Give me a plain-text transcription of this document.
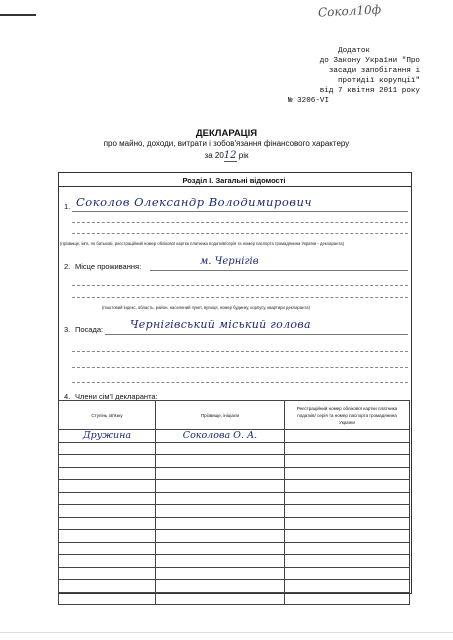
Сокол10ф
Додаток
до Закону України "Про
засади запобігання і
протидії корупції"
від 7 квітня 2011 року
№ 3206-VI
ДЕКЛАРАЦІЯ
про майно, доходи, витрати і зобов'язання фінансового характеру
за 2012 рік
Розділ І. Загальні відомості
1. Соколов Олександр Володимирович
(прізвище, ім'я, по батькові, реєстраційний номер облікової картки платника податків/серія та номер паспорта громадянина України - декларанта)
2. Місце проживання:	м. Чернігів
(поштовий індекс, область, район, населений пункт, вулиця, номер будинку, корпусу, квартири декларанта)
3. Посада: Чернігівський міський голова
4. Члени сім'ї декларанта:
Ступінь зв'язку	Прізвище, ініціали	Реєстраційний номер облікової картки платника податків/ серія та номер паспорта громадянина України
Дружина	Соколова О. А.	
